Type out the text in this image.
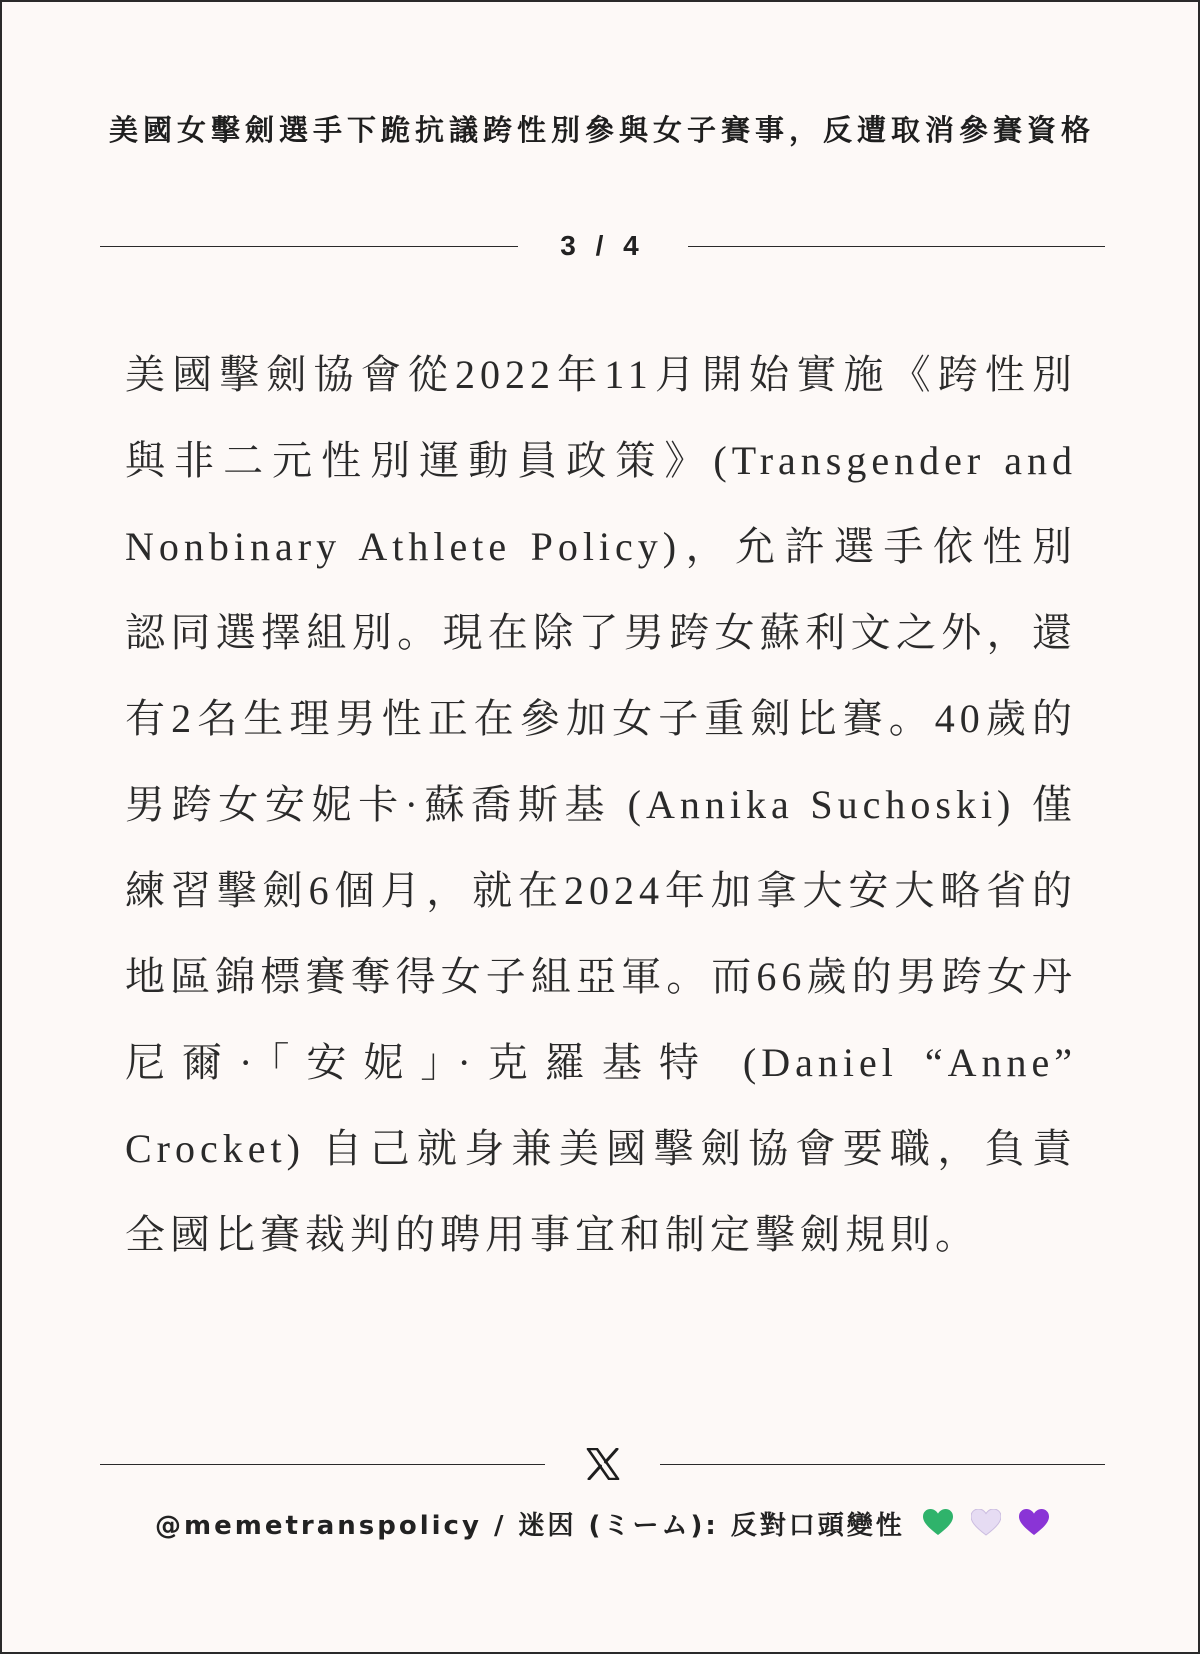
美國女擊劍選手下跪抗議跨性別參與女子賽事，反遭取消參賽資格
3 / 4

美國擊劍協會從2022年11月開始實施《跨性別與非二元性別運動員政策》(Transgender and Nonbinary Athlete Policy)，允許選手依性別認同選擇組別。現在除了男跨女蘇利文之外，還有2名生理男性正在參加女子重劍比賽。40歲的男跨女安妮卡·蘇喬斯基 (Annika Suchoski) 僅練習擊劍6個月，就在2024年加拿大安大略省的地區錦標賽奪得女子組亞軍。而66歲的男跨女丹尼爾·「安妮」·克羅基特 (Daniel “Anne” Crocket) 自己就身兼美國擊劍協會要職，負責全國比賽裁判的聘用事宜和制定擊劍規則。

@memetranspolicy / 迷因 (ミーム): 反對口頭變性
